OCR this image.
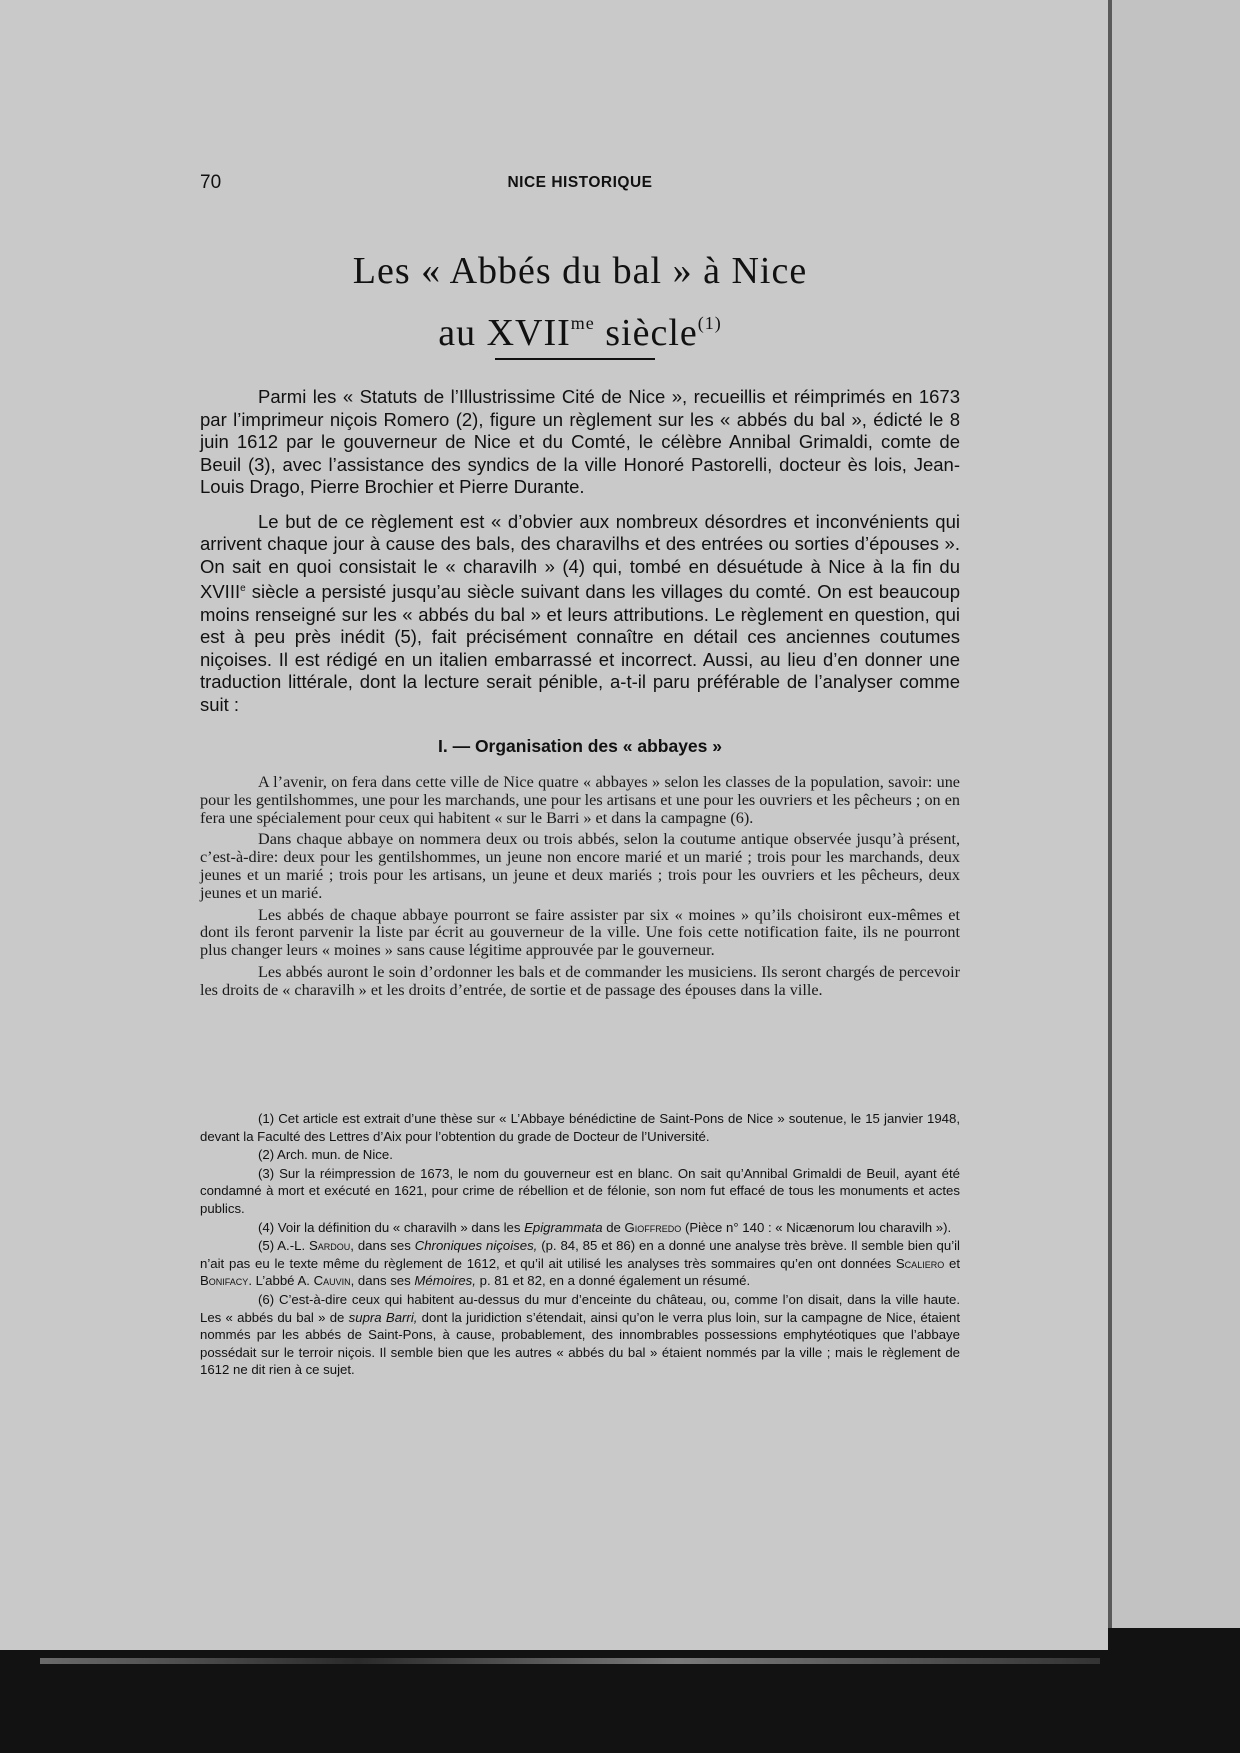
70	NICE HISTORIQUE
Les « Abbés du bal » à Nice
au $XVII^{me}$ siècle$^{(1)}$

Parmi les « Statuts de l’Illustrissime Cité de Nice », recueillis et réimprimés en 1673 par l’imprimeur niçois Romero (2), figure un règlement sur les « abbés du bal », édicté le 8 juin 1612 par le gouverneur de Nice et du Comté, le célèbre Annibal Grimaldi, comte de Beuil (3), avec l’assistance des syndics de la ville Honoré Pastorelli, docteur ès lois, Jean-Louis Drago, Pierre Brochier et Pierre Durante.

Le but de ce règlement est « d’obvier aux nombreux désordres et inconvénients qui arrivent chaque jour à cause des bals, des charavilhs et des entrées ou sorties d’épouses ». On sait en quoi consistait le « charavilh » (4) qui, tombé en désuétude à Nice à la fin du XVIIIe siècle a persisté jusqu’au siècle suivant dans les villages du comté. On est beaucoup moins renseigné sur les « abbés du bal » et leurs attributions. Le règlement en question, qui est à peu près inédit (5), fait précisément connaître en détail ces anciennes coutumes niçoises. Il est rédigé en un italien embarrassé et incorrect. Aussi, au lieu d’en donner une traduction littérale, dont la lecture serait pénible, a-t-il paru préférable de l’analyser comme suit :

I. — Organisation des « abbayes »

A l’avenir, on fera dans cette ville de Nice quatre « abbayes » selon les classes de la population, savoir: une pour les gentilshommes, une pour les marchands, une pour les artisans et une pour les ouvriers et les pêcheurs ; on en fera une spécialement pour ceux qui habitent « sur le Barri » et dans la campagne (6).

Dans chaque abbaye on nommera deux ou trois abbés, selon la coutume antique observée jusqu’à présent, c’est-à-dire: deux pour les gentilshommes, un jeune non encore marié et un marié ; trois pour les marchands, deux jeunes et un marié ; trois pour les artisans, un jeune et deux mariés ; trois pour les ouvriers et les pêcheurs, deux jeunes et un marié.

Les abbés de chaque abbaye pourront se faire assister par six « moines » qu’ils choisiront eux-mêmes et dont ils feront parvenir la liste par écrit au gouverneur de la ville. Une fois cette notification faite, ils ne pourront plus changer leurs « moines » sans cause légitime approuvée par le gouverneur.

Les abbés auront le soin d’ordonner les bals et de commander les musiciens. Ils seront chargés de percevoir les droits de « charavilh » et les droits d’entrée, de sortie et de passage des épouses dans la ville.

(1) Cet article est extrait d’une thèse sur « L’Abbaye bénédictine de Saint-Pons de Nice » soutenue, le 15 janvier 1948, devant la Faculté des Lettres d’Aix pour l’obtention du grade de Docteur de l’Université.

(2) Arch. mun. de Nice.

(3) Sur la réimpression de 1673, le nom du gouverneur est en blanc. On sait qu’Annibal Grimaldi de Beuil, ayant été condamné à mort et exécuté en 1621, pour crime de rébellion et de félonie, son nom fut effacé de tous les monuments et actes publics.

(4) Voir la définition du « charavilh » dans les Epigrammata de Gioffredo (Pièce n° 140 : « Nicænorum lou charavilh »).

(5) A.-L. Sardou, dans ses Chroniques niçoises, (p. 84, 85 et 86) en a donné une analyse très brève. Il semble bien qu’il n’ait pas eu le texte même du règlement de 1612, et qu’il ait utilisé les analyses très sommaires qu’en ont données Scaliero et Bonifacy. L’abbé A. Cauvin, dans ses Mémoires, p. 81 et 82, en a donné également un résumé.

(6) C’est-à-dire ceux qui habitent au-dessus du mur d’enceinte du château, ou, comme l’on disait, dans la ville haute. Les « abbés du bal » de supra Barri, dont la juridiction s’étendait, ainsi qu’on le verra plus loin, sur la campagne de Nice, étaient nommés par les abbés de Saint-Pons, à cause, probablement, des innombrables possessions emphytéotiques que l’abbaye possédait sur le terroir niçois. Il semble bien que les autres « abbés du bal » étaient nommés par la ville ; mais le règlement de 1612 ne dit rien à ce sujet.
